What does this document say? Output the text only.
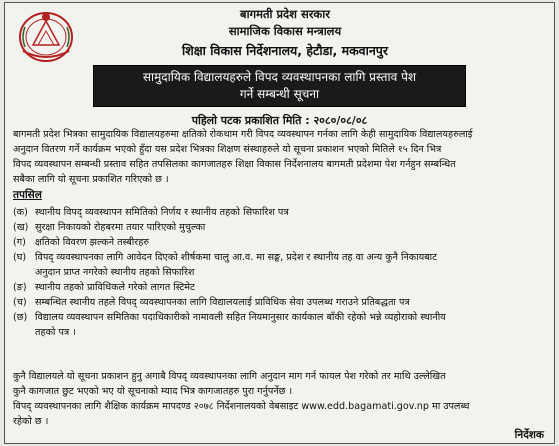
बागमती प्रदेश सरकार
सामाजिक विकास मन्त्रालय
शिक्षा विकास निर्देशनालय, हेटौडा, मकवानपुर
सामुदायिक विद्यालयहरुले विपद व्यवस्थापनका लागि प्रस्ताव पेश
गर्ने सम्बन्धी सूचना
पहिलो पटक प्रकाशित मिति : २०८०/०८/०८
बागमती प्रदेश भित्रका सामुदायिक विद्यालयहरुमा क्षतिको रोकथाम गरी विपद व्यवस्थापन गर्नका लागि केही सामुदायिक विद्यालयहरुलाई
अनुदान वितरण गर्ने कार्यक्रम भएको हुँदा यस प्रदेश भित्रका शिक्षण संस्थाहरुले यो सूचना प्रकाशन भएको मितिले १५ दिन भित्र
विपद व्यवस्थापन सम्बन्धी प्रस्ताव सहित तपसिलका कागजातहरु शिक्षा विकास निर्देशनालय बागमती प्रदेशमा पेश गर्नहुन सम्बन्धित
सबैका लागि यो सूचना प्रकाशित गरिएको छ ।
तपसिल
(क) स्थानीय विपद् व्यवस्थापन समितिको निर्णय र स्थानीय तहको सिफारिश पत्र
(ख) सुरक्षा निकायको रोहबरमा तयार पारिएको मुचुल्का
(ग) क्षतिको विवरण झल्कने तस्बीरहरु
(घ) विपद् व्यवस्थापनका लागि आवेदन दिएको शीर्षकमा चालु आ.व. मा सङ्घ, प्रदेश र स्थानीय तह वा अन्य कुनै निकायबाट
अनुदान प्राप्त नगरेको स्थानीय तहको सिफारिश
(ङ) स्थानीय तहको प्राविधिकले गरेको लागत स्टिमेट
(च) सम्बन्धित स्थानीय तहले विपद् व्यवस्थापनका लागि विद्यालयलाई प्राविधिक सेवा उपलब्ध गराउने प्रतिबद्धता पत्र
(छ) विद्यालय व्यवस्थापन समितिका पदाधिकारीको नामावली सहित नियमानुसार कार्यकाल बाँकी रहेको भन्ने व्यहोराको स्थानीय
तहको पत्र ।
कुनै विद्यालयले यो सूचना प्रकाशन हुनु अगाबै विपद् व्यवस्थापनका लागि अनुदान माग गर्न फायल पेश गरेको तर माथि उल्लेखित
कुनै कागजात छुट भएको भए यो सूचनाको म्याद भित्र कागजातहरु पुरा गर्नुपर्नेछ ।
विपद् व्यवस्थापनका लागि शैक्षिक कार्यक्रम मापदण्ड २०७८ निर्देशनालयको वेबसाइट www.edd.bagamati.gov.np मा उपलब्ध
रहेको छ ।
निर्देशक
